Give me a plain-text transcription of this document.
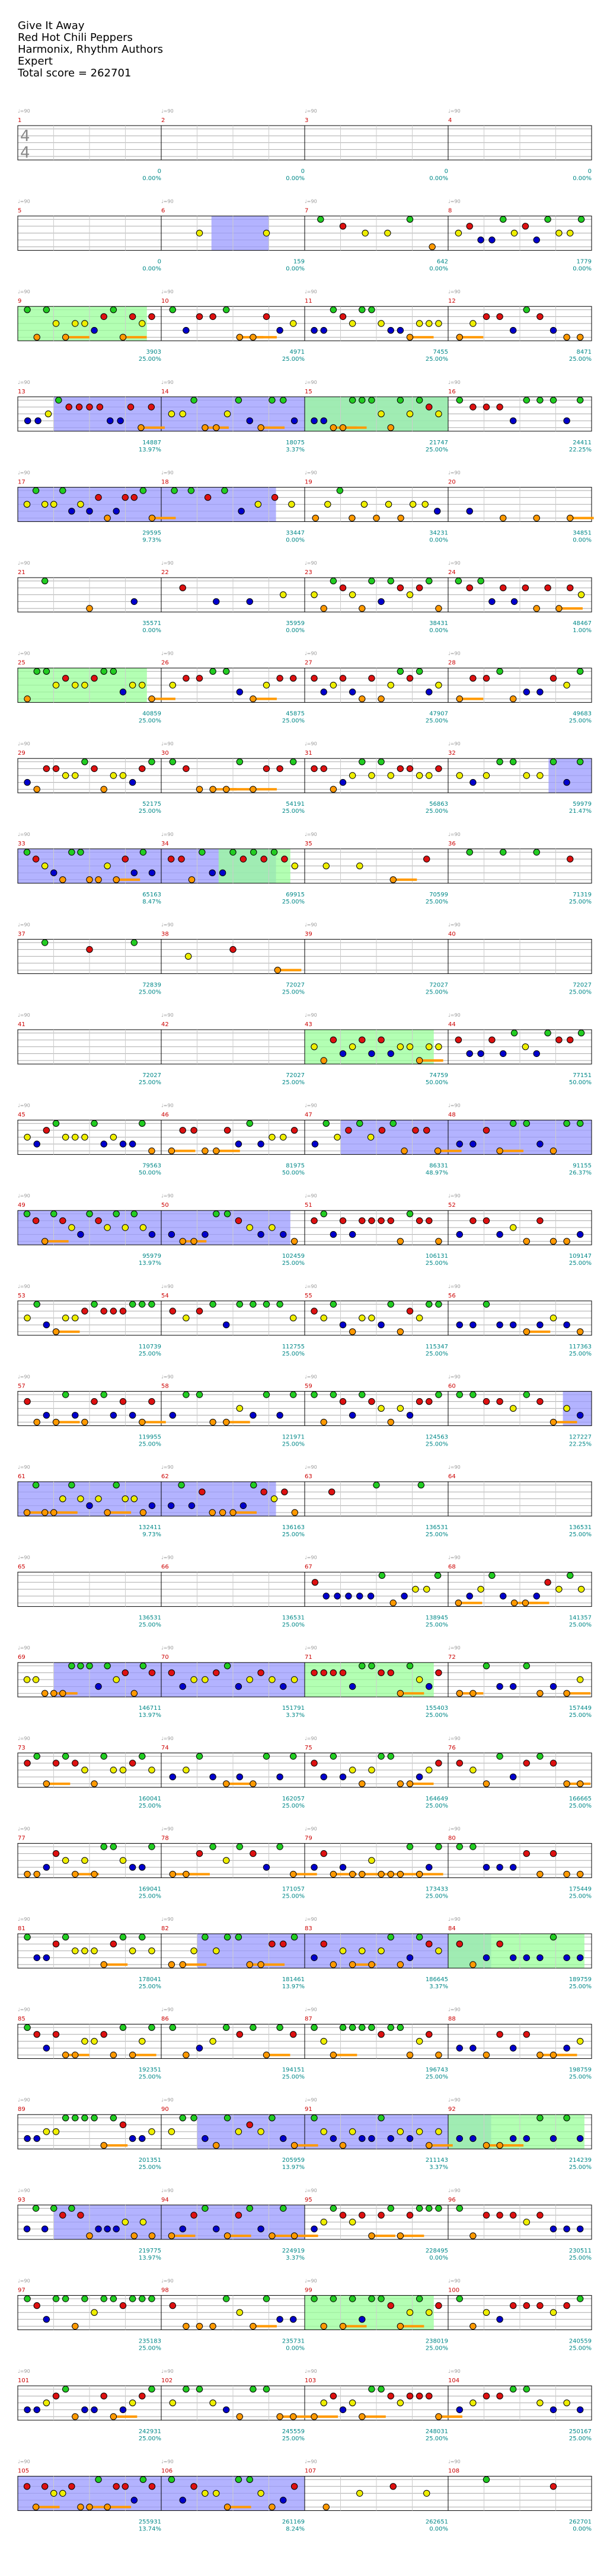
Give It Away
Red Hot Chili Peppers
Harmonix, Rhythm Authors
Expert
Total score = 262701
4
4
1
♩=90
0
0.00%
2
♩=90
0
0.00%
3
♩=90
0
0.00%
4
♩=90
0
0.00%
5
♩=90
0
0.00%
6
♩=90
159
0.00%
7
♩=90
642
0.00%
8
♩=90
1779
0.00%
9
♩=90
3903
25.00%
10
♩=90
4971
25.00%
11
♩=90
7455
25.00%
12
♩=90
8471
25.00%
13
♩=90
14887
13.97%
14
♩=90
18075
3.37%
15
♩=90
21747
25.00%
16
♩=90
24411
22.25%
17
♩=90
29595
9.73%
18
♩=90
33447
0.00%
19
♩=90
34231
0.00%
20
♩=90
34851
0.00%
21
♩=90
35571
0.00%
22
♩=90
35959
0.00%
23
♩=90
38431
0.00%
24
♩=90
48467
1.00%
25
♩=90
40859
25.00%
26
♩=90
45875
25.00%
27
♩=90
47907
25.00%
28
♩=90
49683
25.00%
29
♩=90
52175
25.00%
30
♩=90
54191
25.00%
31
♩=90
56863
25.00%
32
♩=90
59979
21.47%
33
♩=90
65163
8.47%
34
♩=90
69915
25.00%
35
♩=90
70599
25.00%
36
♩=90
71319
25.00%
37
♩=90
72839
25.00%
38
♩=90
72027
25.00%
39
♩=90
72027
25.00%
40
♩=90
72027
25.00%
41
♩=90
72027
25.00%
42
♩=90
72027
25.00%
43
♩=90
74759
50.00%
44
♩=90
77151
50.00%
45
♩=90
79563
50.00%
46
♩=90
81975
50.00%
47
♩=90
86331
48.97%
48
♩=90
91155
26.37%
49
♩=90
95979
13.97%
50
♩=90
102459
25.00%
51
♩=90
106131
25.00%
52
♩=90
109147
25.00%
53
♩=90
110739
25.00%
54
♩=90
112755
25.00%
55
♩=90
115347
25.00%
56
♩=90
117363
25.00%
57
♩=90
119955
25.00%
58
♩=90
121971
25.00%
59
♩=90
124563
25.00%
60
♩=90
127227
22.25%
61
♩=90
132411
9.73%
62
♩=90
136163
25.00%
63
♩=90
136531
25.00%
64
♩=90
136531
25.00%
65
♩=90
136531
25.00%
66
♩=90
136531
25.00%
67
♩=90
138945
25.00%
68
♩=90
141357
25.00%
69
♩=90
146711
13.97%
70
♩=90
151791
3.37%
71
♩=90
155403
25.00%
72
♩=90
157449
25.00%
73
♩=90
160041
25.00%
74
♩=90
162057
25.00%
75
♩=90
164649
25.00%
76
♩=90
166665
25.00%
77
♩=90
169041
25.00%
78
♩=90
171057
25.00%
79
♩=90
173433
25.00%
80
♩=90
175449
25.00%
81
♩=90
178041
25.00%
82
♩=90
181461
13.97%
83
♩=90
186645
3.37%
84
♩=90
189759
25.00%
85
♩=90
192351
25.00%
86
♩=90
194151
25.00%
87
♩=90
196743
25.00%
88
♩=90
198759
25.00%
89
♩=90
201351
25.00%
90
♩=90
205959
13.97%
91
♩=90
211143
3.37%
92
♩=90
214239
25.00%
93
♩=90
219775
13.97%
94
♩=90
224919
3.37%
95
♩=90
228495
0.00%
96
♩=90
230511
25.00%
97
♩=90
235183
25.00%
98
♩=90
235731
0.00%
99
♩=90
238019
25.00%
100
♩=90
240559
25.00%
101
♩=90
242931
25.00%
102
♩=90
245559
25.00%
103
♩=90
248031
25.00%
104
♩=90
250167
25.00%
105
♩=90
255931
13.74%
106
♩=90
261169
8.24%
107
♩=90
262651
0.00%
108
♩=90
262701
0.00%
